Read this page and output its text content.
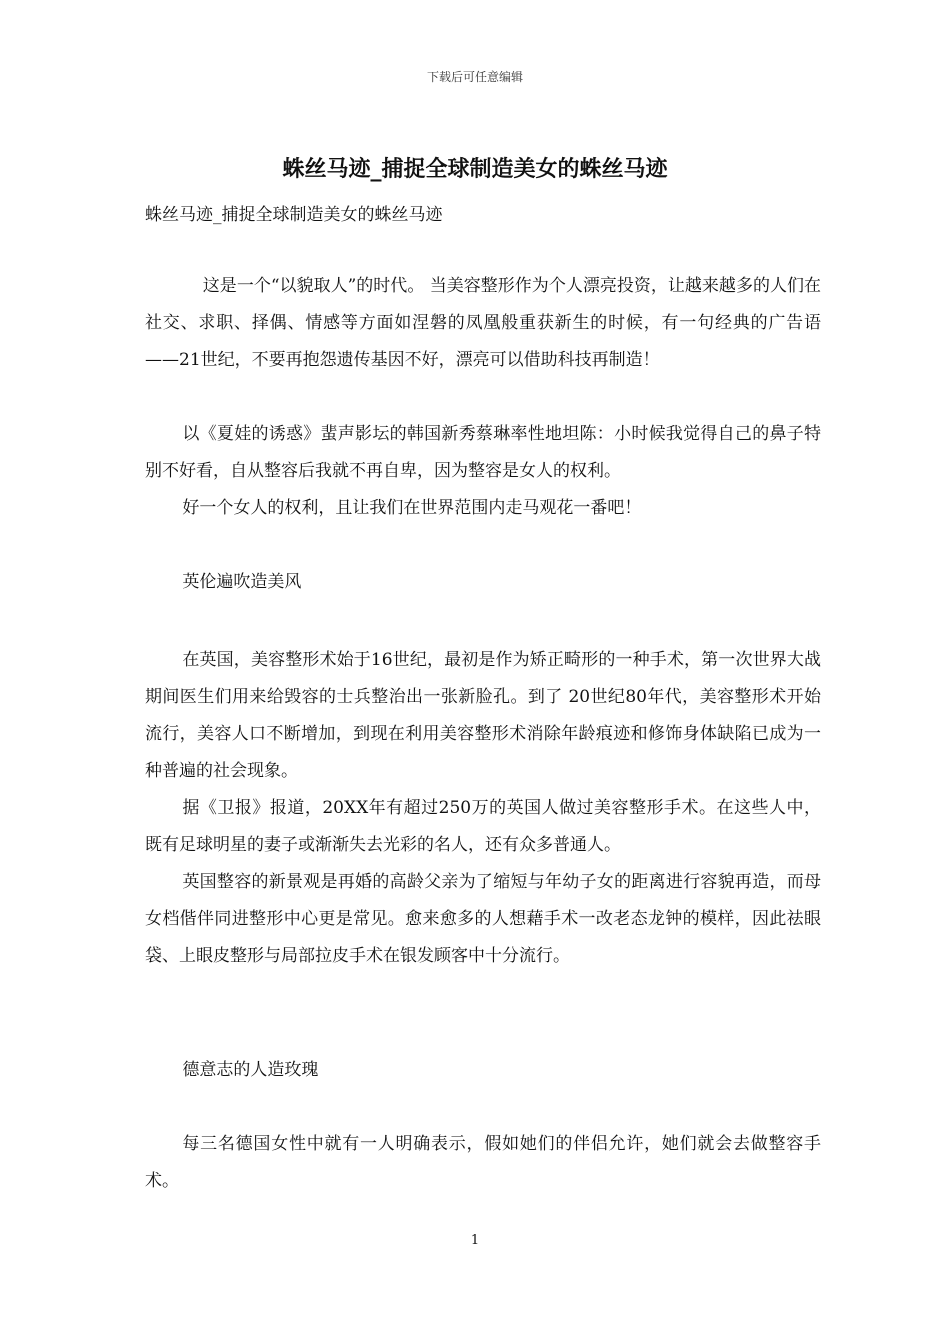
下载后可任意编辑
蛛丝马迹_捕捉全球制造美女的蛛丝马迹

蛛丝马迹_捕捉全球制造美女的蛛丝马迹

这是一个“以貌取人”的时代。 当美容整形作为个人漂亮投资，让越来越多的人们在社交、求职、择偶、情感等方面如涅磐的凤凰般重获新生的时候，有一句经典的广告语——21世纪，不要再抱怨遗传基因不好，漂亮可以借助科技再制造！

以《夏娃的诱惑》蜚声影坛的韩国新秀蔡琳率性地坦陈：小时候我觉得自己的鼻子特别不好看，自从整容后我就不再自卑，因为整容是女人的权利。

好一个女人的权利，且让我们在世界范围内走马观花一番吧！

英伦遍吹造美风

在英国，美容整形术始于16世纪，最初是作为矫正畸形的一种手术，第一次世界大战期间医生们用来给毁容的士兵整治出一张新脸孔。到了 20世纪80年代，美容整形术开始流行，美容人口不断增加，到现在利用美容整形术消除年龄痕迹和修饰身体缺陷已成为一种普遍的社会现象。

据《卫报》报道，20XX年有超过250万的英国人做过美容整形手术。在这些人中，既有足球明星的妻子或渐渐失去光彩的名人，还有众多普通人。

英国整容的新景观是再婚的高龄父亲为了缩短与年幼子女的距离进行容貌再造，而母女档偕伴同进整形中心更是常见。愈来愈多的人想藉手术一改老态龙钟的模样，因此祛眼袋、上眼皮整形与局部拉皮手术在银发顾客中十分流行。

德意志的人造玫瑰

每三名德国女性中就有一人明确表示，假如她们的伴侣允许，她们就会去做整容手术。

1
